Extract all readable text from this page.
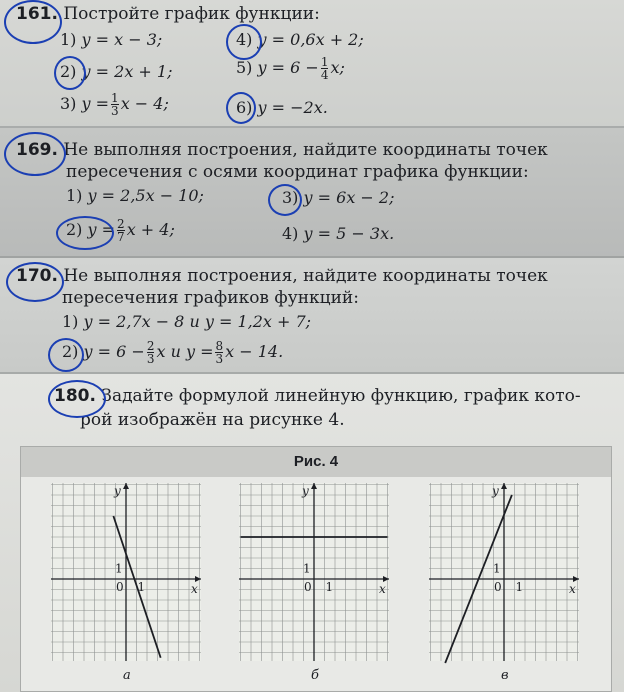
161. Постройте график функции:
1) y = x − 3;	4) y = 0,6x + 2;
2) y = 2x + 1;	5) $y = 6 - \frac{1}{4} x$;
3) $y = \frac{1}{3}$ x − 4;	6) y = −2x.
169. Не выполняя построения, найдите координаты точек
пересечения с осями координат графика функции:
1) y = 2,5x − 10;	3) y = 6x − 2;
2) $y = \frac{2}{7}$ x + 4;	4) y = 5 − 3x.
170. Не выполняя построения, найдите координаты точек
пересечения графиков функций:
1) y = 2,7x − 8 и y = 1,2x + 7;
2) $y = 6 - \frac{2}{3}$ x и $y = \frac{8}{3}$ x − 14.
180. Задайте формулой линейную функцию, график кото-
рой изображён на рисунке 4.
Рис. 4
y
x
0 1
1
а
y
x
0 1
1
б
y
x
0 1
1
в
